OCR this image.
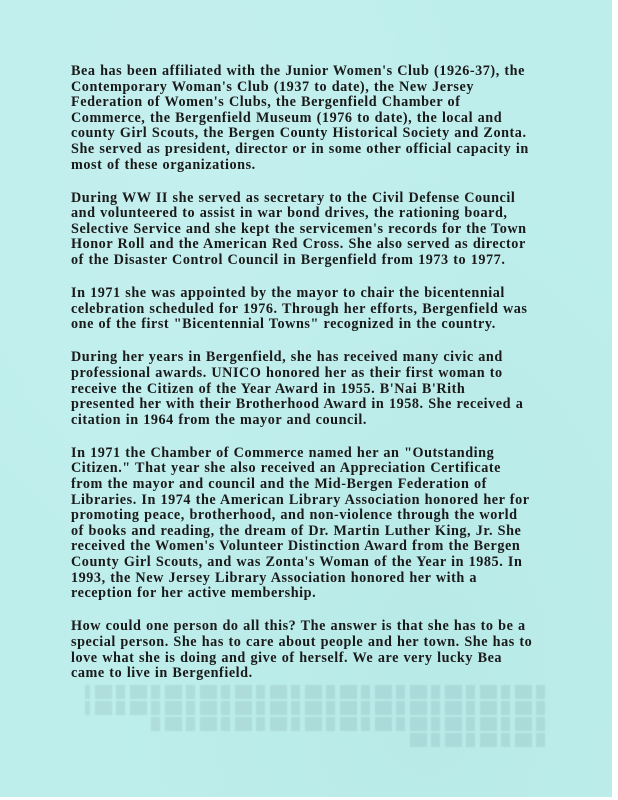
Bea has been affiliated with the Junior Women's Club (1926-37), the
Contemporary Woman's Club (1937 to date), the New Jersey
Federation of Women's Clubs, the Bergenfield Chamber of
Commerce, the Bergenfield Museum (1976 to date), the local and
county Girl Scouts, the Bergen County Historical Society and Zonta.
She served as president, director or in some other official capacity in
most of these organizations.

During WW II she served as secretary to the Civil Defense Council
and volunteered to assist in war bond drives, the rationing board,
Selective Service and she kept the servicemen's records for the Town
Honor Roll and the American Red Cross. She also served as director
of the Disaster Control Council in Bergenfield from 1973 to 1977.

In 1971 she was appointed by the mayor to chair the bicentennial
celebration scheduled for 1976. Through her efforts, Bergenfield was
one of the first "Bicentennial Towns" recognized in the country.

During her years in Bergenfield, she has received many civic and
professional awards. UNICO honored her as their first woman to
receive the Citizen of the Year Award in 1955. B'Nai B'Rith
presented her with their Brotherhood Award in 1958. She received a
citation in 1964 from the mayor and council.

In 1971 the Chamber of Commerce named her an "Outstanding
Citizen." That year she also received an Appreciation Certificate
from the mayor and council and the Mid-Bergen Federation of
Libraries. In 1974 the American Library Association honored her for
promoting peace, brotherhood, and non-violence through the world
of books and reading, the dream of Dr. Martin Luther King, Jr. She
received the Women's Volunteer Distinction Award from the Bergen
County Girl Scouts, and was Zonta's Woman of the Year in 1985. In
1993, the New Jersey Library Association honored her with a
reception for her active membership.

How could one person do all this? The answer is that she has to be a
special person. She has to care about people and her town. She has to
love what she is doing and give of herself. We are very lucky Bea
came to live in Bergenfield.
